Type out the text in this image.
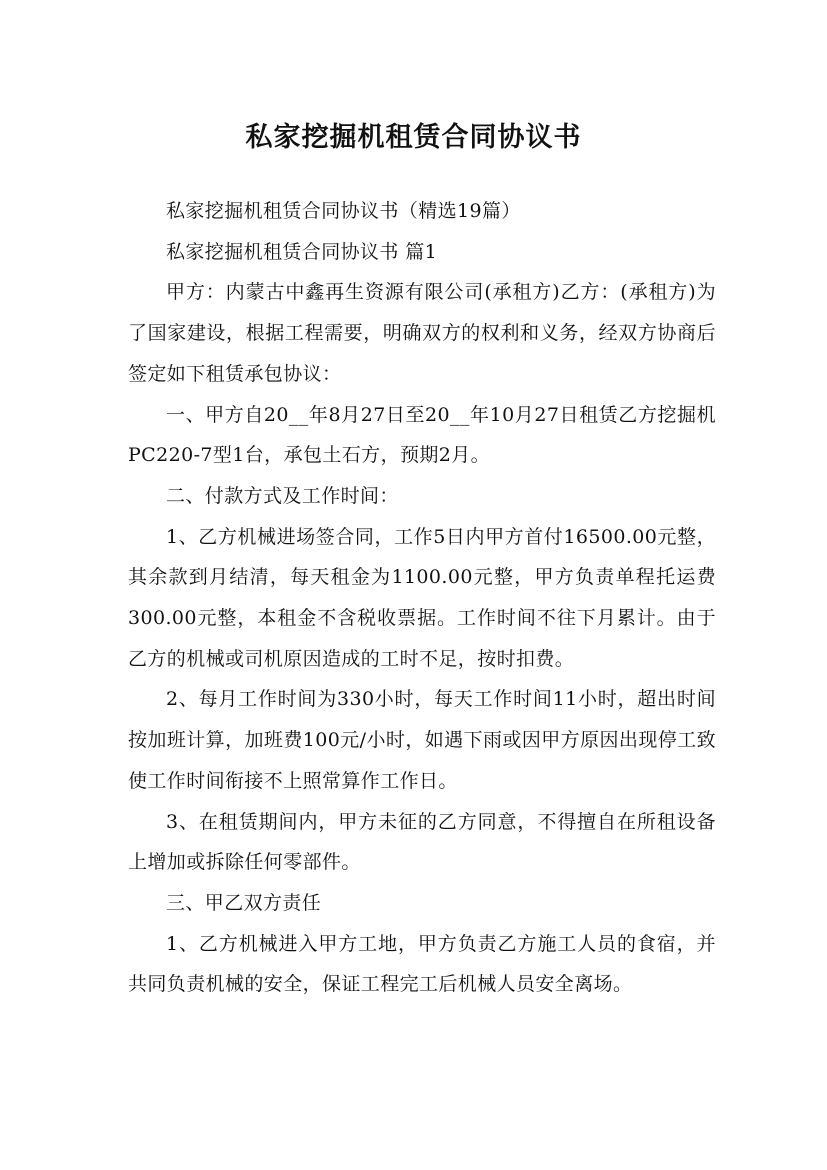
私家挖掘机租赁合同协议书

私家挖掘机租赁合同协议书（精选19篇）

私家挖掘机租赁合同协议书 篇1

甲方：内蒙古中鑫再生资源有限公司(承租方)乙方：(承租方)为了国家建设，根据工程需要，明确双方的权利和义务，经双方协商后签定如下租赁承包协议：

一、甲方自20__年8月27日至20__年10月27日租赁乙方挖掘机PC220-7型1台，承包土石方，预期2月。

二、付款方式及工作时间：

1、乙方机械进场签合同，工作5日内甲方首付16500.00元整，其余款到月结清，每天租金为1100.00元整，甲方负责单程托运费300.00元整，本租金不含税收票据。工作时间不往下月累计。由于乙方的机械或司机原因造成的工时不足，按时扣费。

2、每月工作时间为330小时，每天工作时间11小时，超出时间按加班计算，加班费100元/小时，如遇下雨或因甲方原因出现停工致使工作时间衔接不上照常算作工作日。

3、在租赁期间内，甲方未征的乙方同意，不得擅自在所租设备上增加或拆除任何零部件。

三、甲乙双方责任

1、乙方机械进入甲方工地，甲方负责乙方施工人员的食宿，并共同负责机械的安全，保证工程完工后机械人员安全离场。
